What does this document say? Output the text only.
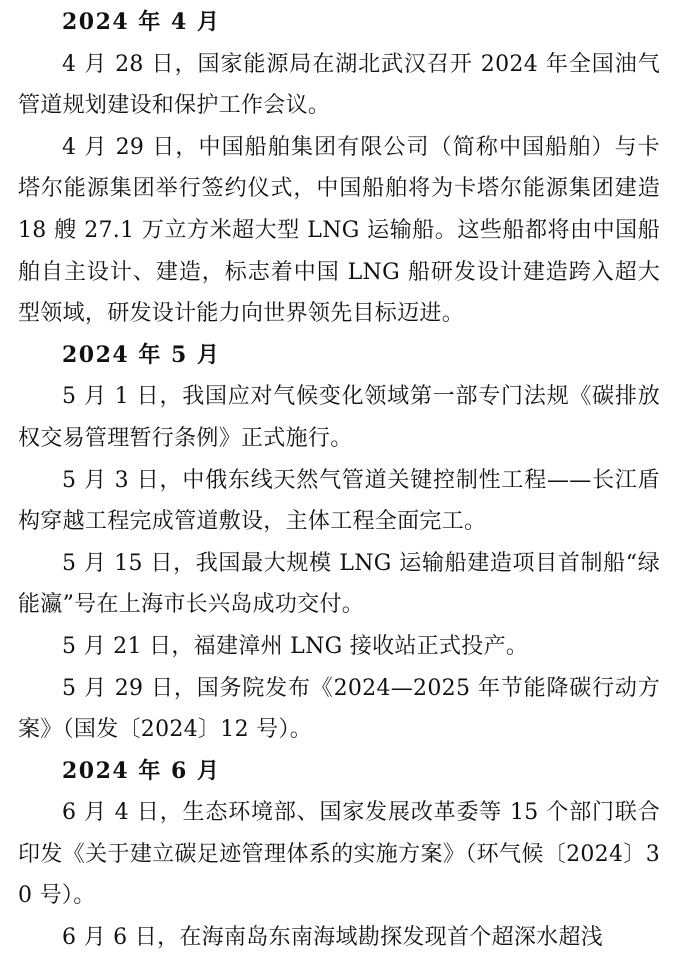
2024 年 4 月

4 月 28 日，国家能源局在湖北武汉召开 2024 年全国油气管道规划建设和保护工作会议。

4 月 29 日，中国船舶集团有限公司（简称中国船舶）与卡塔尔能源集团举行签约仪式，中国船舶将为卡塔尔能源集团建造 18 艘 27.1 万立方米超大型 LNG 运输船。这些船都将由中国船舶自主设计、建造，标志着中国 LNG 船研发设计建造跨入超大型领域，研发设计能力向世界领先目标迈进。

2024 年 5 月

5 月 1 日，我国应对气候变化领域第一部专门法规《碳排放权交易管理暂行条例》正式施行。

5 月 3 日，中俄东线天然气管道关键控制性工程——长江盾构穿越工程完成管道敷设，主体工程全面完工。

5 月 15 日，我国最大规模 LNG 运输船建造项目首制船“绿能瀛”号在上海市长兴岛成功交付。

5 月 21 日，福建漳州 LNG 接收站正式投产。

5 月 29 日，国务院发布《2024—2025 年节能降碳行动方案》（国发〔2024〕12 号）。

2024 年 6 月

6 月 4 日，生态环境部、国家发展改革委等 15 个部门联合印发《关于建立碳足迹管理体系的实施方案》（环气候〔2024〕30 号）。

6 月 6 日，在海南岛东南海域勘探发现首个超深水超浅
